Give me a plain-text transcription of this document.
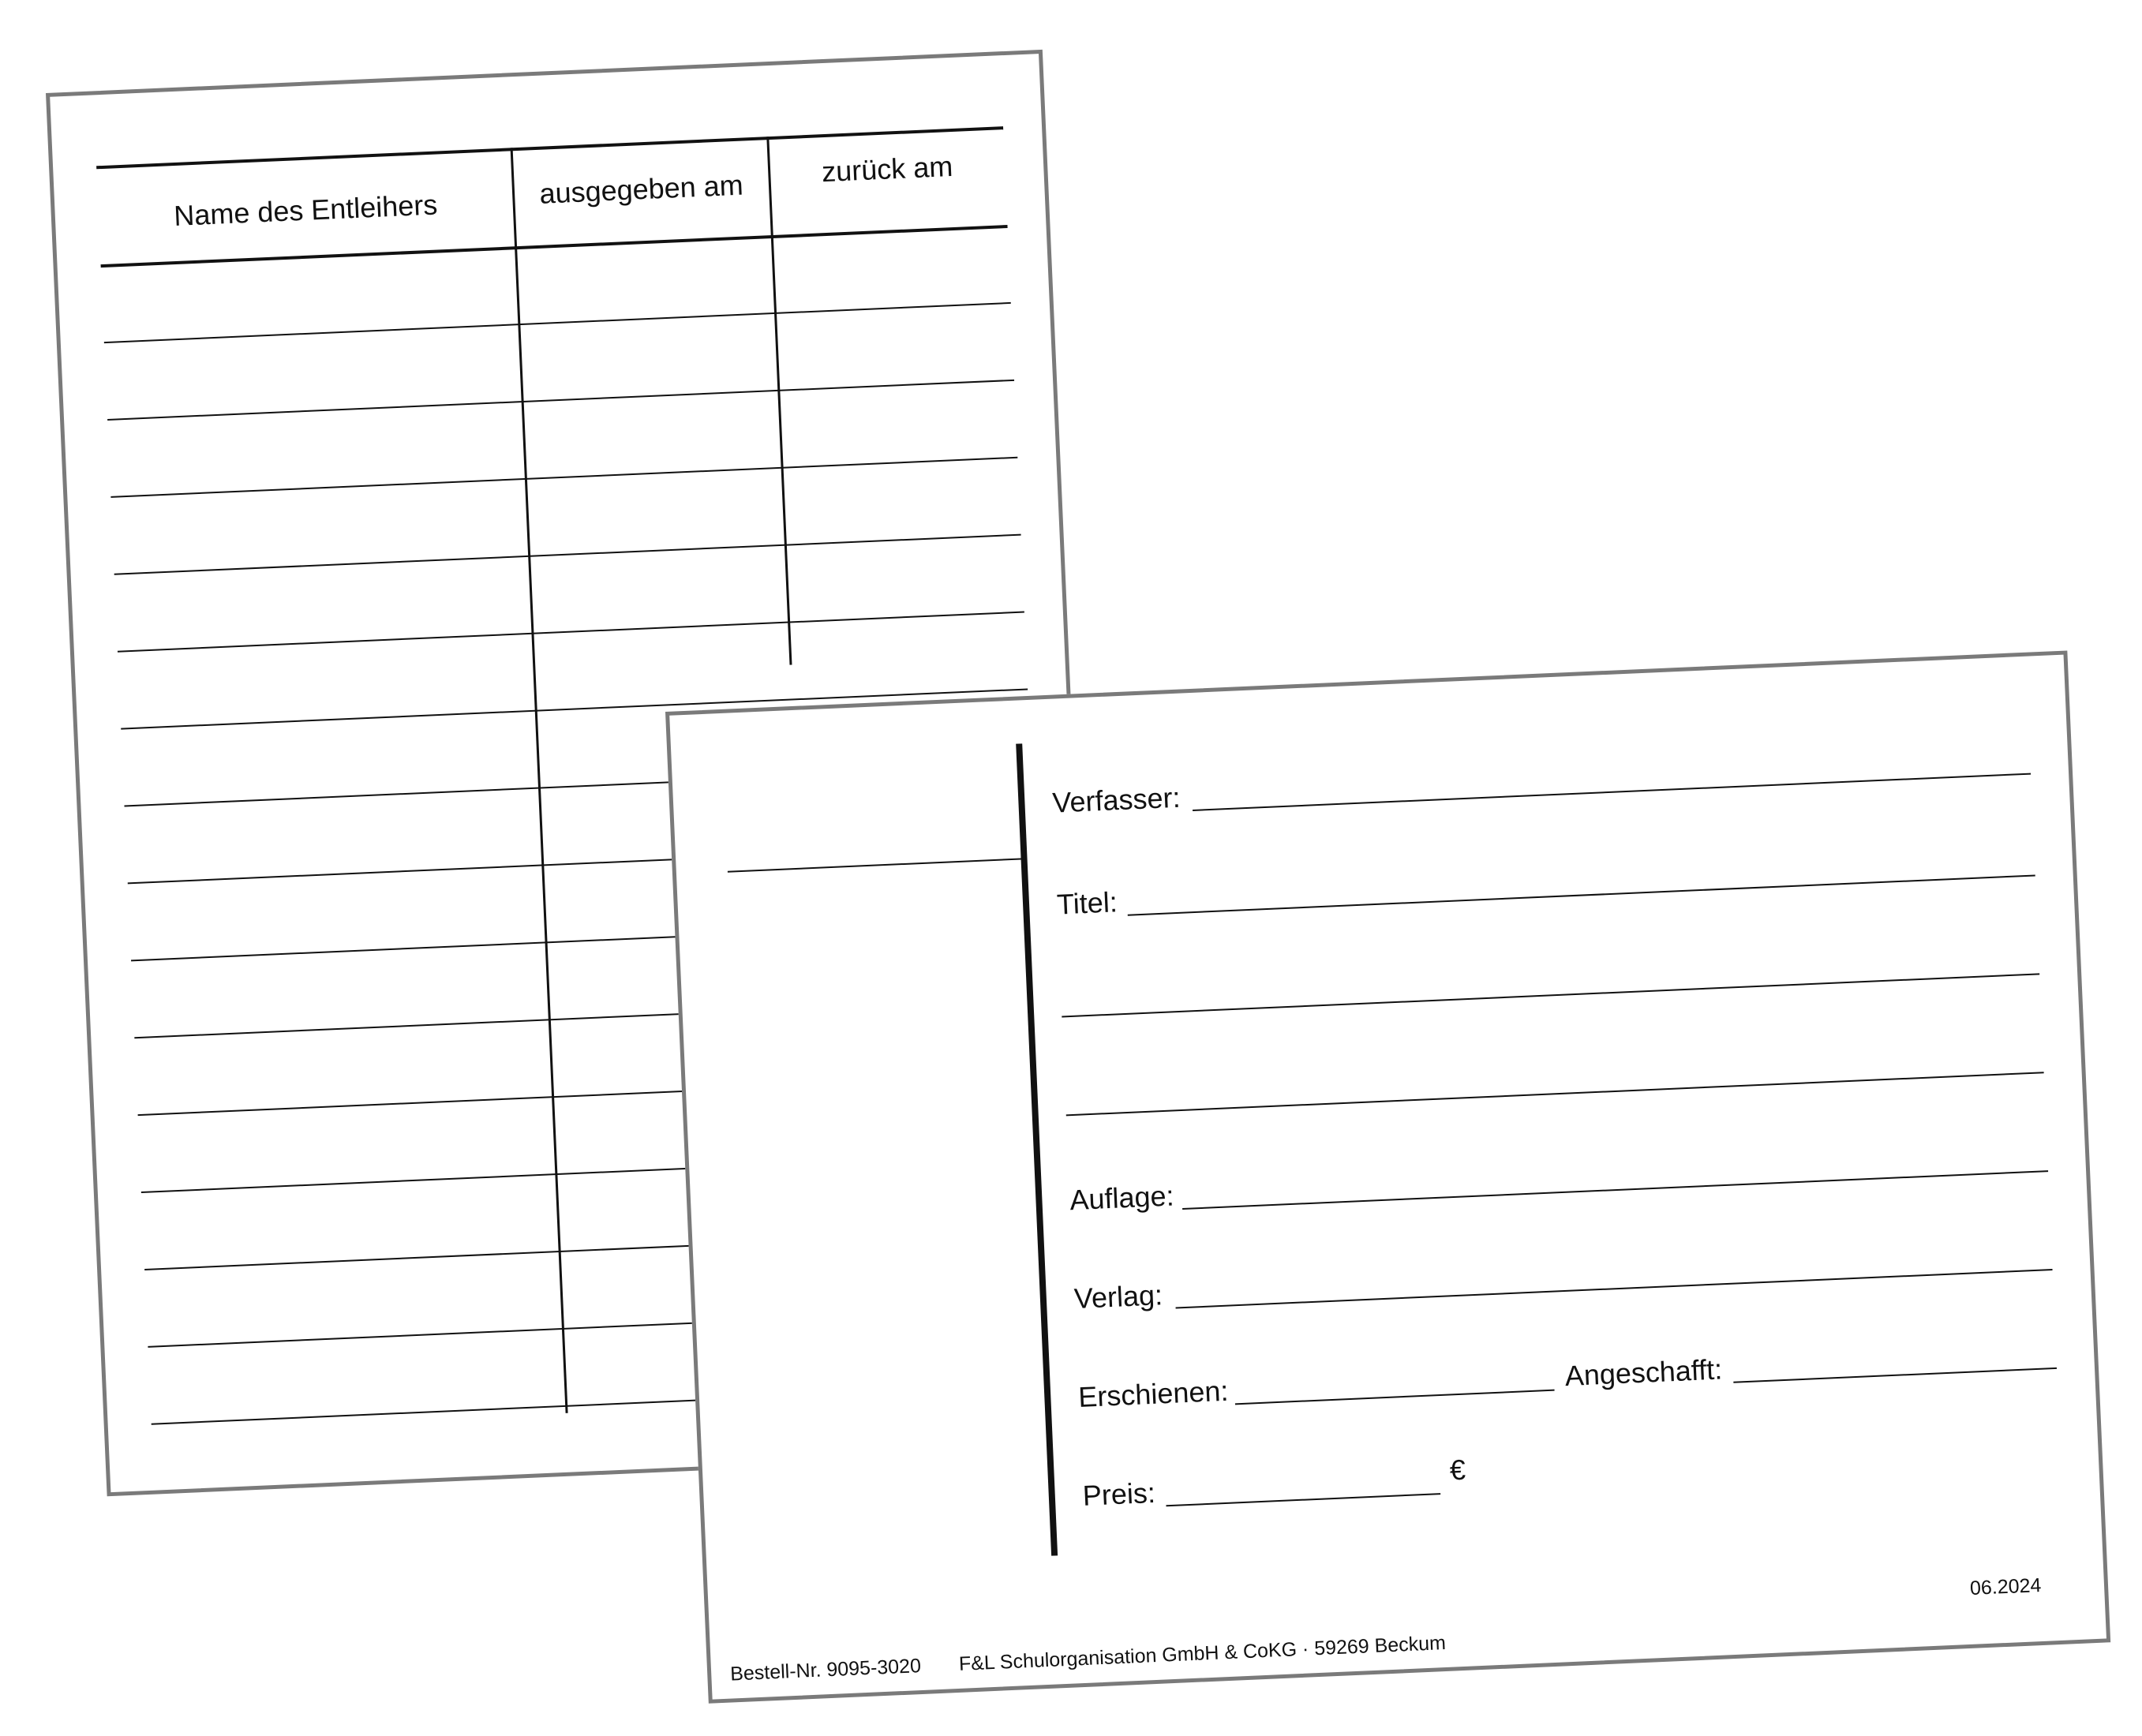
Name des Entleihers	ausgegeben am	zurück am
Verfasser:
Titel:
Auflage:
Verlag:
Erschienen:
Angeschafft:
Preis:
€
Bestell-Nr. 9095-3020 F&L Schulorganisation GmbH & CoKG · 59269 Beckum
06.2024
